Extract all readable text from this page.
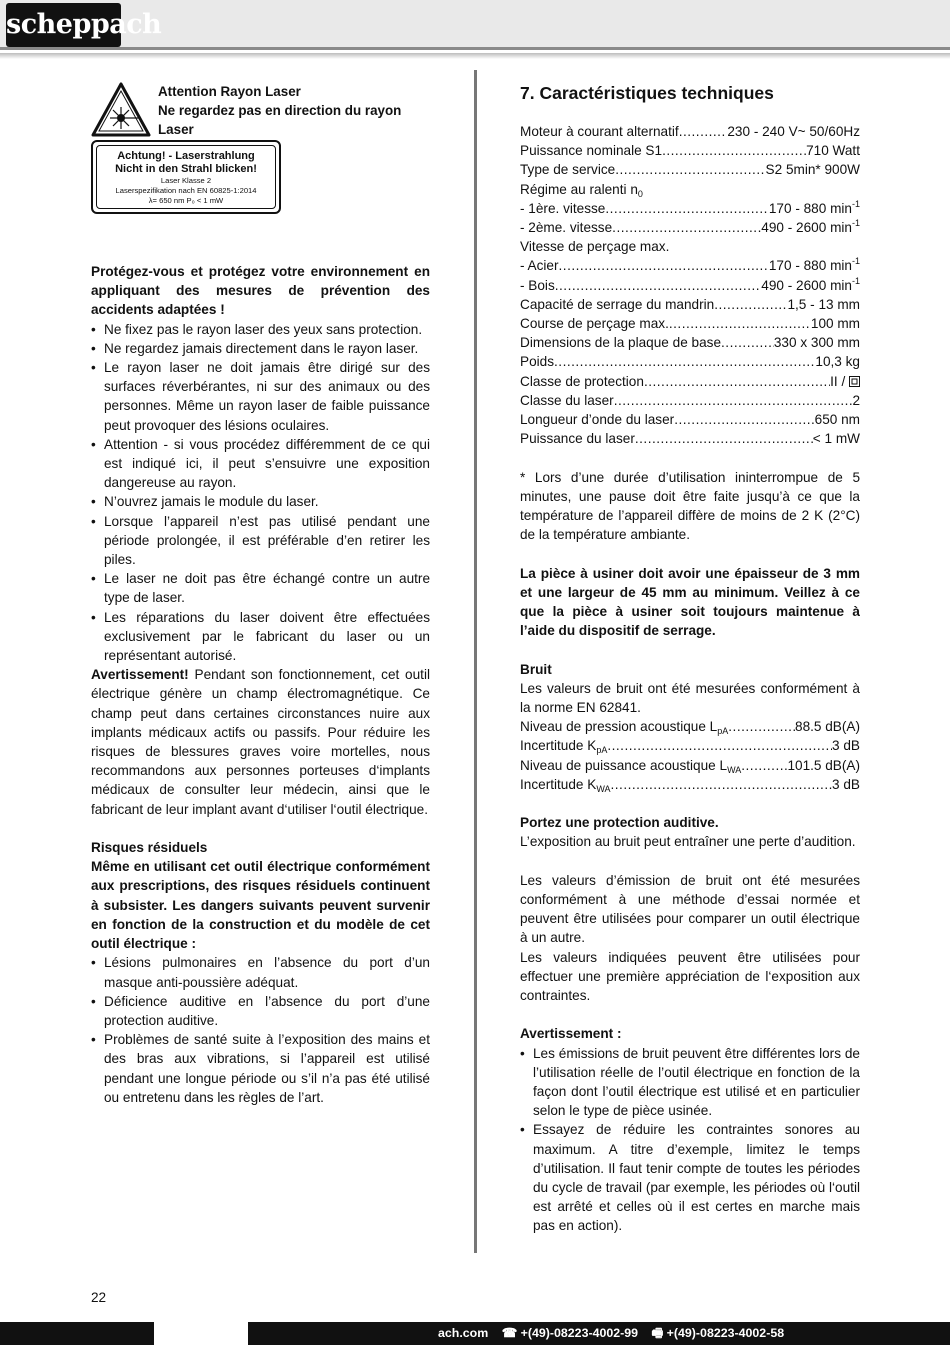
scheppach
Attention Rayon Laser
Ne regardez pas en direction du rayon
Laser
Achtung! - Laserstrahlung
Nicht in den Strahl blicken!
Laser Klasse 2
Laserspezifikation nach EN 60825-1:2014
λ= 650 nm P₀ < 1 mW

Protégez-vous et protégez votre environnement en appliquant des mesures de prévention des accidents adaptées !

• Ne fixez pas le rayon laser des yeux sans protection.
• Ne regardez jamais directement dans le rayon laser.
• Le rayon laser ne doit jamais être dirigé sur des surfaces réverbérantes, ni sur des animaux ou des personnes. Même un rayon laser de faible puissance peut provoquer des lésions oculaires.
• Attention - si vous procédez différemment de ce qui est indiqué ici, il peut s’ensuivre une exposition dangereuse au rayon.
• N’ouvrez jamais le module du laser.
• Lorsque l’appareil n’est pas utilisé pendant une période prolongée, il est préférable d’en retirer les piles.
• Le laser ne doit pas être échangé contre un autre type de laser.
• Les réparations du laser doivent être effectuées exclusivement par le fabricant du laser ou un représentant autorisé.

Avertissement! Pendant son fonctionnement, cet outil électrique génère un champ électromagnétique. Ce champ peut dans certaines circonstances nuire aux implants médicaux actifs ou passifs. Pour réduire les risques de blessures graves voire mortelles, nous recommandons aux personnes porteuses d‘implants médicaux de consulter leur médecin, ainsi que le fabricant de leur implant avant d‘utiliser l‘outil électrique.

Risques résiduels

Même en utilisant cet outil électrique conformément aux prescriptions, des risques résiduels continuent à subsister. Les dangers suivants peuvent survenir en fonction de la construction et du modèle de cet outil électrique :

• Lésions pulmonaires en l’absence du port d’un masque anti-poussière adéquat.
• Déficience auditive en l’absence du port d’une protection auditive.
• Problèmes de santé suite à l’exposition des mains et des bras aux vibrations, si l’appareil est utilisé pendant une longue période ou s’il n’a pas été utilisé ou entretenu dans les règles de l’art.
7. Caractéristiques techniques
Moteur à courant alternatif .....	230 - 240 V~ 50/60Hz
Puissance nominale S1 .....	710 Watt
Type de service .....	S2 5min* 900W
Régime au ralenti $n_0$
- 1ère. vitesse .....	170 - 880 $\min^{-1}$
- 2ème. vitesse .....	490 - 2600 $\min^{-1}$
Vitesse de perçage max.
- Acier .....	170 - 880 $\min^{-1}$
- Bois .....	490 - 2600 $\min^{-1}$
Capacité de serrage du mandrin .....	1,5 - 13 mm
Course de perçage max. .....	100 mm
Dimensions de la plaque de base .....	330 x 300 mm
Poids .....	10,3 kg
Classe de protection .....	II /
Classe du laser .....	2
Longueur d’onde du laser .....	650 nm
Puissance du laser .....	< 1 mW

* Lors d’une durée d’utilisation ininterrompue de 5 minutes, une pause doit être faite jusqu’à ce que la température de l’appareil diffère de moins de 2 K (2°C) de la température ambiante.

La pièce à usiner doit avoir une épaisseur de 3 mm et une largeur de 45 mm au minimum. Veillez à ce que la pièce à usiner soit toujours maintenue à l’aide du dispositif de serrage.

Bruit

Les valeurs de bruit ont été mesurées conformément à la norme EN 62841.

Niveau de pression acoustique $L_{pA}$ .....	88.5 dB(A)
Incertitude $K_{pA}$ .....	3 dB
Niveau de puissance acoustique $L_{WA}$ .....	101.5 dB(A)
Incertitude $K_{WA}$ .....	3 dB

Portez une protection auditive.

L’exposition au bruit peut entraîner une perte d’audition.

Les valeurs d’émission de bruit ont été mesurées conformément à une méthode d’essai normée et peuvent être utilisées pour comparer un outil électrique à un autre.

Les valeurs indiquées peuvent être utilisées pour effectuer une première appréciation de l‘exposition aux contraintes.

Avertissement :

• Les émissions de bruit peuvent être différentes lors de l’utilisation réelle de l’outil électrique en fonction de la façon dont l’outil électrique est utilisé et en particulier selon le type de pièce usinée.
• Essayez de réduire les contraintes sonores au maximum. A titre d’exemple, limitez le temps d’utilisation. Il faut tenir compte de toutes les périodes du cycle de travail (par exemple, les périodes où l‘outil est arrêté et celles où il est certes en marche mais pas en action).
22
ach.com ☎ +(49)-08223-4002-99 🖷 +(49)-08223-4002-58
